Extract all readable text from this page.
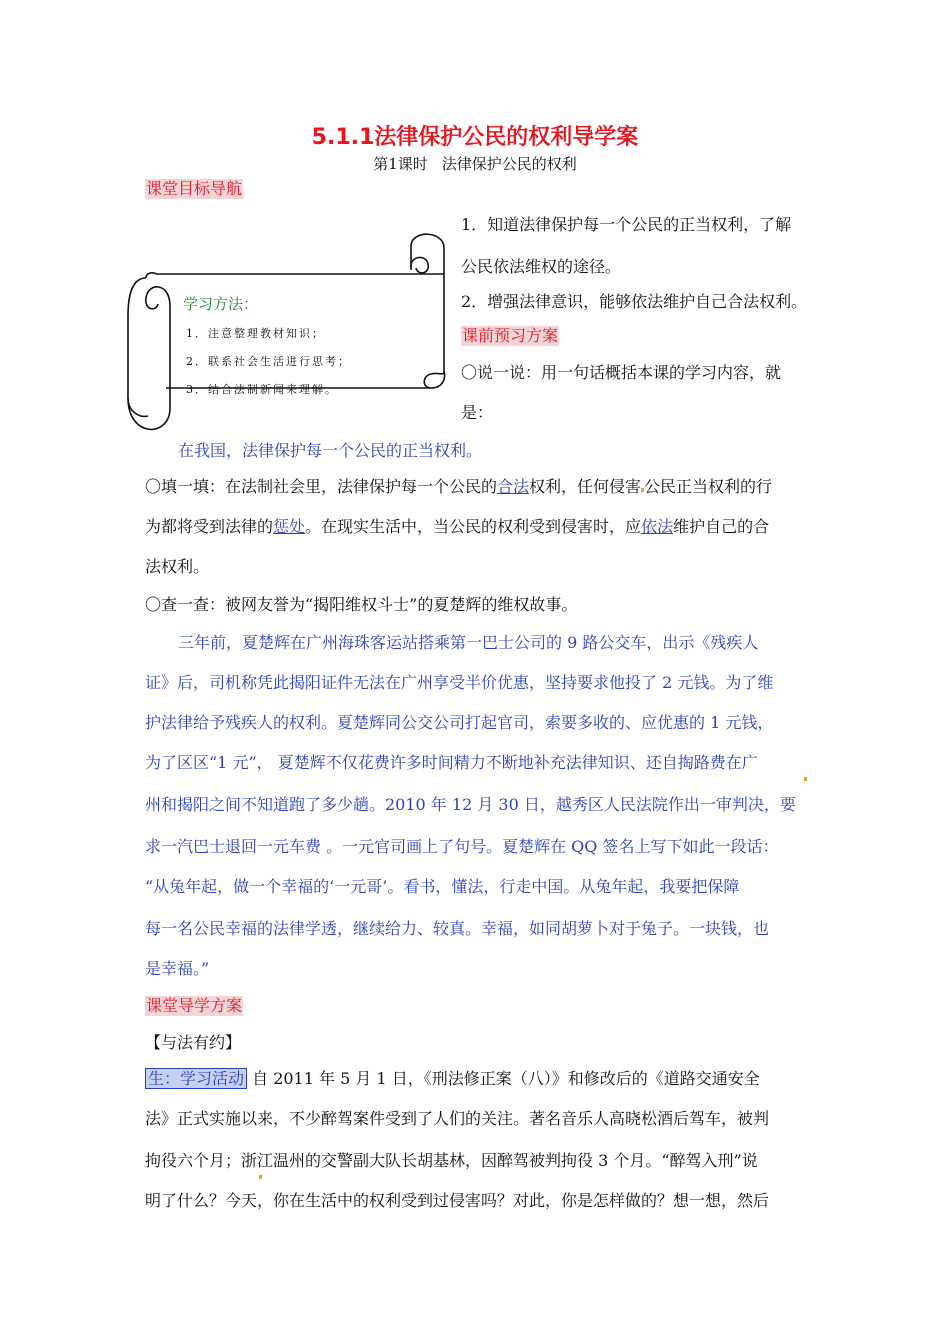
5.1.1法律保护公民的权利导学案
第1课时 法律保护公民的权利
课堂目标导航
学习方法：
1．注意整理教材知识；
2．联系社会生活进行思考；
3．结合法制新闻来理解。
1．知道法律保护每一个公民的正当权利，了解
公民依法维权的途径。
2．增强法律意识，能够依法维护自己合法权利。
课前预习方案
〇说一说：用一句话概括本课的学习内容，就
是：
在我国，法律保护每一个公民的正当权利。
〇填一填：在法制社会里，法律保护每一个公民的合法权利，任何侵害 公民正当权利的行
为都将受到法律的惩处。在现实生活中，当公民的权利受到侵害时，应依法维护自己的合
法权利。
〇查一查：被网友誉为“揭阳维权斗士”的夏楚辉的维权故事。
三年前，夏楚辉在广州海珠客运站搭乘第一巴士公司的 9 路公交车，出示《残疾人
证》后，司机称凭此揭阳证件无法在广州享受半价优惠，坚持要求他投了 2 元钱。为了维
护法律给予残疾人的权利。夏楚辉同公交公司打起官司，索要多收的、应优惠的 1 元钱，
为了区区“1 元”， 夏楚辉不仅花费许多时间精力不断地补充法律知识、还自掏路费在广
州和揭阳之间不知道跑了多少趟。2010 年 12 月 30 日，越秀区人民法院作出一审判决，要
求一汽巴士退回一元车费 。一元官司画上了句号。夏楚辉在 QQ 签名上写下如此一段话：
“从兔年起，做一个幸福的‘一元哥’。看书，懂法，行走中国。从兔年起，我要把保障
每一名公民幸福的法律学透，继续给力、较真。幸福，如同胡萝卜对于兔子。一块钱，也
是幸福。”
课堂导学方案
【与法有约】
生：学习活动 自 2011 年 5 月 1 日，《刑法修正案（八）》和修改后的《道路交通安全
法》正式实施以来，不少醉驾案件受到了人们的关注。著名音乐人高晓松酒后驾车，被判
拘役六个月；浙江温州的交警副大队长胡基林，因醉驾被判拘役 3 个月。“醉驾入刑”说
明了什么？今天，你在生活中的权利受到过侵害吗？对此，你是怎样做的？想一想，然后
